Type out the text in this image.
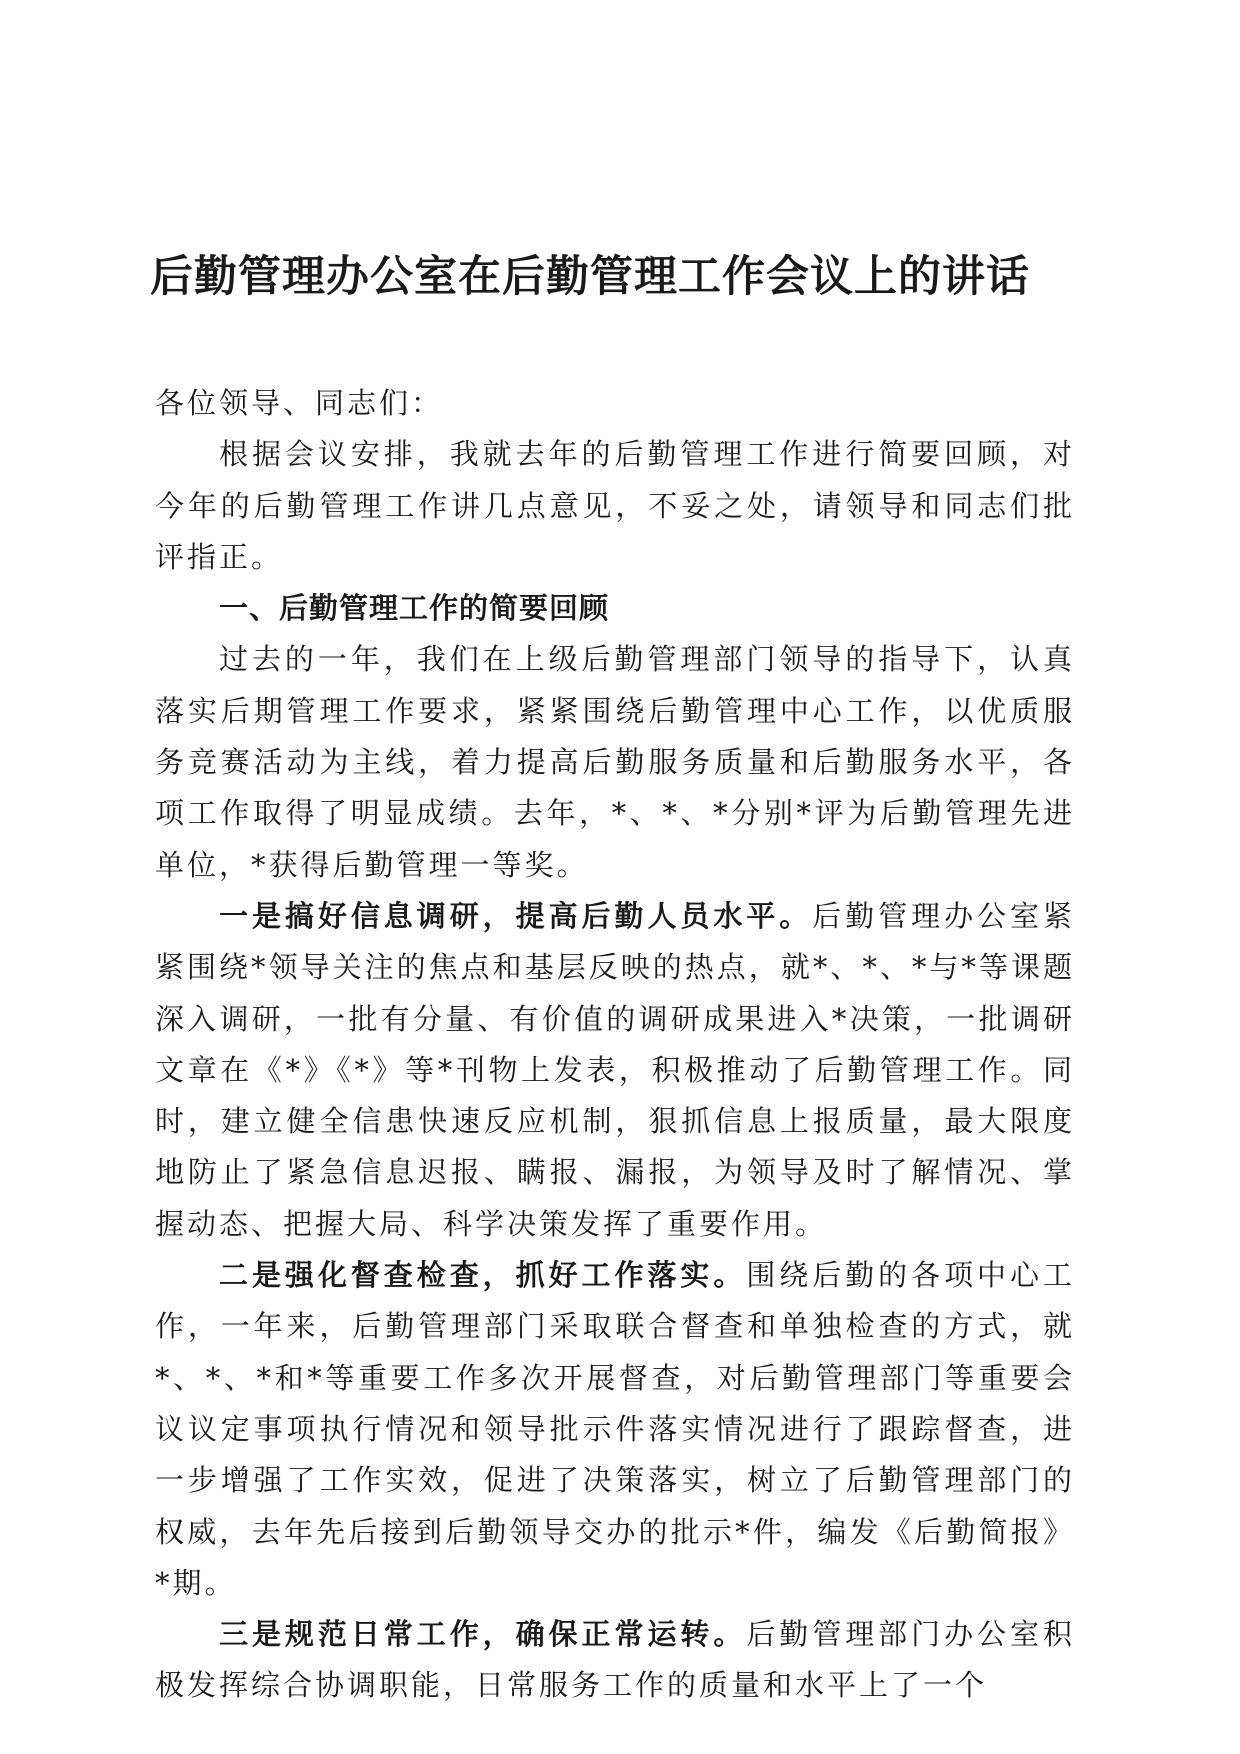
后勤管理办公室在后勤管理工作会议上的讲话

各位领导、同志们：

根据会议安排，我就去年的后勤管理工作进行简要回顾，对今年的后勤管理工作讲几点意见，不妥之处，请领导和同志们批评指正。

一、后勤管理工作的简要回顾

过去的一年，我们在上级后勤管理部门领导的指导下，认真落实后期管理工作要求，紧紧围绕后勤管理中心工作，以优质服务竞赛活动为主线，着力提高后勤服务质量和后勤服务水平，各项工作取得了明显成绩。去年，*、*、*分别*评为后勤管理先进单位，*获得后勤管理一等奖。

一是搞好信息调研，提高后勤人员水平。后勤管理办公室紧紧围绕*领导关注的焦点和基层反映的热点，就*、*、*与*等课题深入调研，一批有分量、有价值的调研成果进入*决策，一批调研文章在《*》《*》等*刊物上发表，积极推动了后勤管理工作。同时，建立健全信患快速反应机制，狠抓信息上报质量，最大限度地防止了紧急信息迟报、瞒报、漏报，为领导及时了解情况、掌握动态、把握大局、科学决策发挥了重要作用。

二是强化督查检查，抓好工作落实。围绕后勤的各项中心工作，一年来，后勤管理部门采取联合督查和单独检查的方式，就*、*、*和*等重要工作多次开展督查，对后勤管理部门等重要会议议定事项执行情况和领导批示件落实情况进行了跟踪督查，进一步增强了工作实效，促进了决策落实，树立了后勤管理部门的权威，去年先后接到后勤领导交办的批示*件，编发《后勤简报》*期。

三是规范日常工作，确保正常运转。后勤管理部门办公室积极发挥综合协调职能，日常服务工作的质量和水平上了一个
